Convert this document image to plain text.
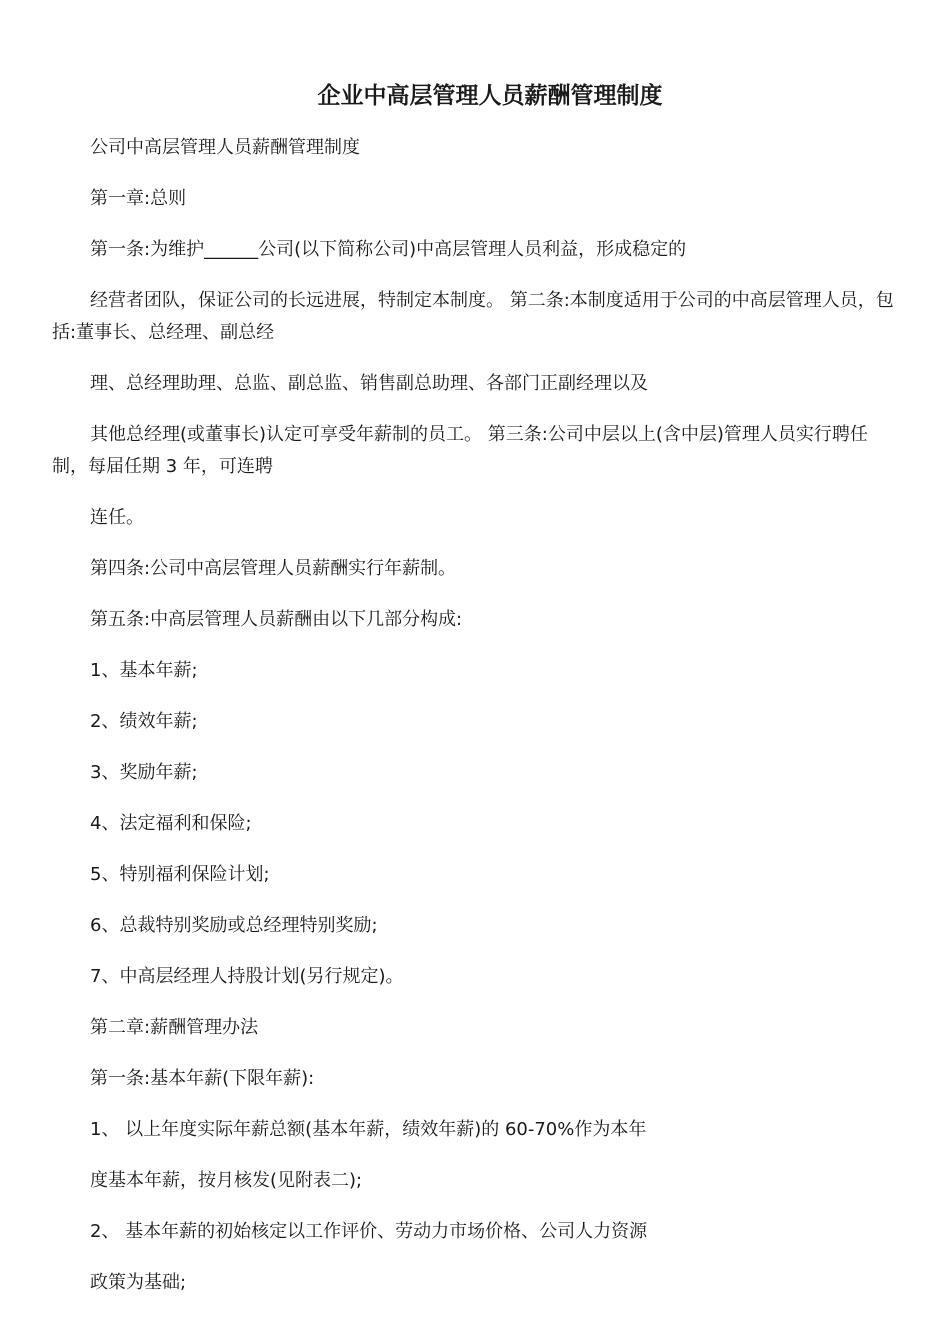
企业中高层管理人员薪酬管理制度

公司中高层管理人员薪酬管理制度

第一章:总则

第一条:为维护______公司(以下简称公司)中高层管理人员利益，形成稳定的

经营者团队，保证公司的长远进展，特制定本制度。 第二条:本制度适用于公司的中高层管理人员，包括:董事长、总经理、副总经

理、总经理助理、总监、副总监、销售副总助理、各部门正副经理以及

其他总经理(或董事长)认定可享受年薪制的员工。 第三条:公司中层以上(含中层)管理人员实行聘任制，每届任期 3 年，可连聘

连任。

第四条:公司中高层管理人员薪酬实行年薪制。

第五条:中高层管理人员薪酬由以下几部分构成:

1、基本年薪;

2、绩效年薪;

3、奖励年薪;

4、法定福利和保险;

5、特别福利保险计划;

6、总裁特别奖励或总经理特别奖励;

7、中高层经理人持股计划(另行规定)。

第二章:薪酬管理办法

第一条:基本年薪(下限年薪):

1、 以上年度实际年薪总额(基本年薪，绩效年薪)的 60-70%作为本年

度基本年薪，按月核发(见附表二);

2、 基本年薪的初始核定以工作评价、劳动力市场价格、公司人力资源

政策为基础;
